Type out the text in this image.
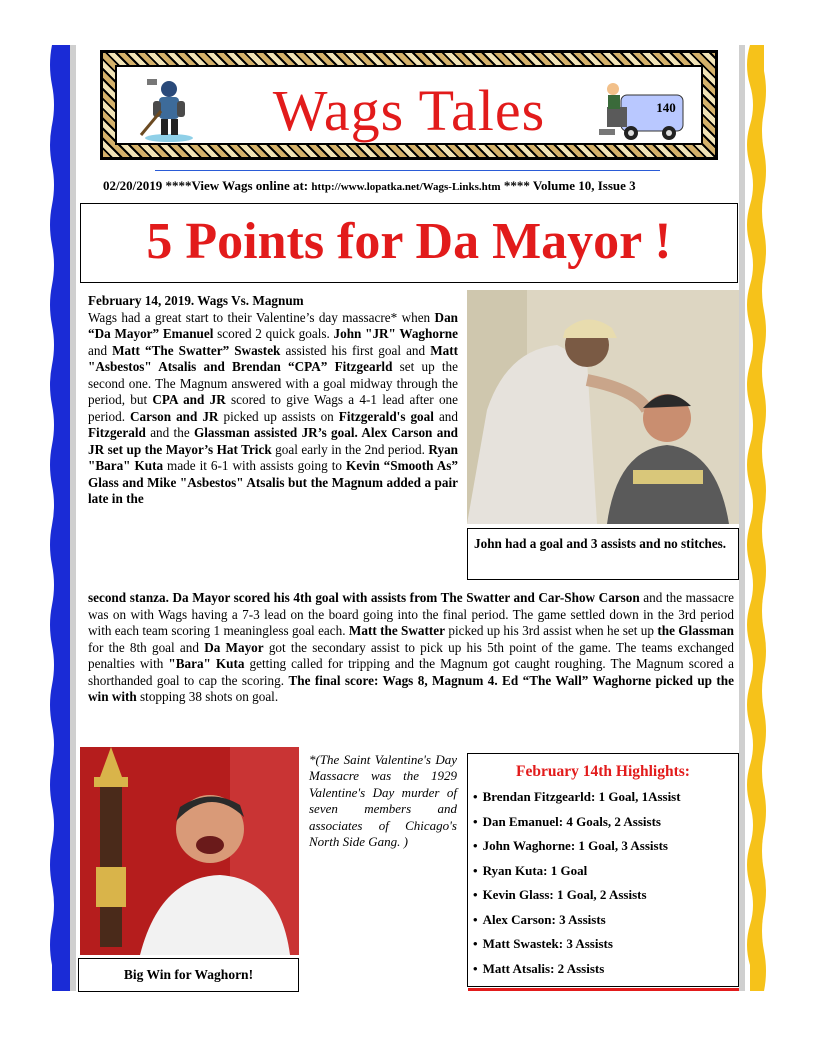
Wags Tales	140
02/20/2019 ****View Wags online at: http://www.lopatka.net/Wags-Links.htm **** Volume 10, Issue 3
5 Points for Da Mayor !

February 14, 2019. Wags Vs. Magnum

Wags had a great start to their Valentine’s day massacre* when Dan “Da Mayor” Emanuel scored 2 quick goals. John "JR" Waghorne and Matt “The Swatter” Swastek assisted his first goal and Matt "Asbestos" Atsalis and Brendan “CPA” Fitzgearld set up the second one. The Magnum answered with a goal midway through the period, but CPA and JR scored to give Wags a 4-1 lead after one period. Carson and JR picked up assists on Fitzgerald's goal and Fitzgerald and the Glassman assisted JR’s goal. Alex Carson and JR set up the Mayor’s Hat Trick goal early in the 2nd period. Ryan "Bara" Kuta made it 6-1 with assists going to Kevin “Smooth As” Glass and Mike "Asbestos" Atsalis but the Magnum added a pair late in the

John had a goal and 3 assists and no stitches.

second stanza. Da Mayor scored his 4th goal with assists from The Swatter and Car-Show Carson and the massacre was on with Wags having a 7-3 lead on the board going into the final period. The game settled down in the 3rd period with each team scoring 1 meaningless goal each. Matt the Swatter picked up his 3rd assist when he set up the Glassman for the 8th goal and Da Mayor got the secondary assist to pick up his 5th point of the game. The teams exchanged penalties with "Bara" Kuta getting called for tripping and the Magnum got caught roughing. The Magnum scored a shorthanded goal to cap the scoring. The final score: Wags 8, Magnum 4. Ed “The Wall” Waghorne picked up the win with stopping 38 shots on goal.

Big Win for Waghorn!
*(The Saint Valentine's Day Massacre was the 1929 Valentine's Day murder of seven members and associates of Chicago's North Side Gang. )
February 14th Highlights:
• Brendan Fitzgearld: 1 Goal, 1Assist
• Dan Emanuel: 4 Goals, 2 Assists
• John Waghorne: 1 Goal, 3 Assists
• Ryan Kuta: 1 Goal
• Kevin Glass: 1 Goal, 2 Assists
• Alex Carson: 3 Assists
• Matt Swastek: 3 Assists
• Matt Atsalis: 2 Assists
